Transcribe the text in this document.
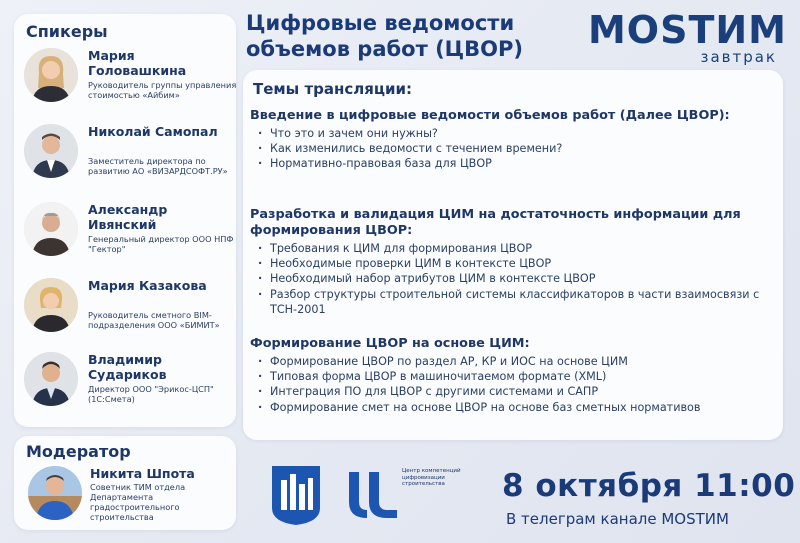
Спикеры
Мария Головашкина
Руководитель группы управления стоимостью «Айбим»
Николай Самопал
Заместитель директора по развитию АО «ВИЗАРДСОФТ.РУ»
Александр Ивянский
Генеральный директор ООО НПФ "Гектор"
Мария Казакова
Руководитель сметного BIM-подразделения ООО «БИМИТ»
Владимир Судариков
Директор ООО "Эрикос-ЦСП" (1С:Смета)
Модератор
Никита Шпота
Советник ТИМ отдела Департамента градостроительного строительства
Цифровые ведомости объемов работ (ЦВОР)	MOSTИМ
завтрак
Темы трансляции:
Введение в цифровые ведомости объемов работ (Далее ЦВОР):
· Что это и зачем они нужны?
· Как изменились ведомости с течением времени?
· Нормативно-правовая база для ЦВОР
Разработка и валидация ЦИМ на достаточность информации для формирования ЦВОР:
· Требования к ЦИМ для формирования ЦВОР
· Необходимые проверки ЦИМ в контексте ЦВОР
· Необходимый набор атрибутов ЦИМ в контексте ЦВОР
· Разбор структуры строительной системы классификаторов в части взаимосвязи с ТСН-2001
Формирование ЦВОР на основе ЦИМ:
· Формирование ЦВОР по раздел АР, КР и ИОС на основе ЦИМ
· Типовая форма ЦВОР в машиночитаемом формате (XML)
· Интеграция ПО для ЦВОР с другими системами и САПР
· Формирование смет на основе ЦВОР на основе баз сметных нормативов
Центр компетенций цифровизации строительства	8 октября 11:00
В телеграм канале MOSTИМ
